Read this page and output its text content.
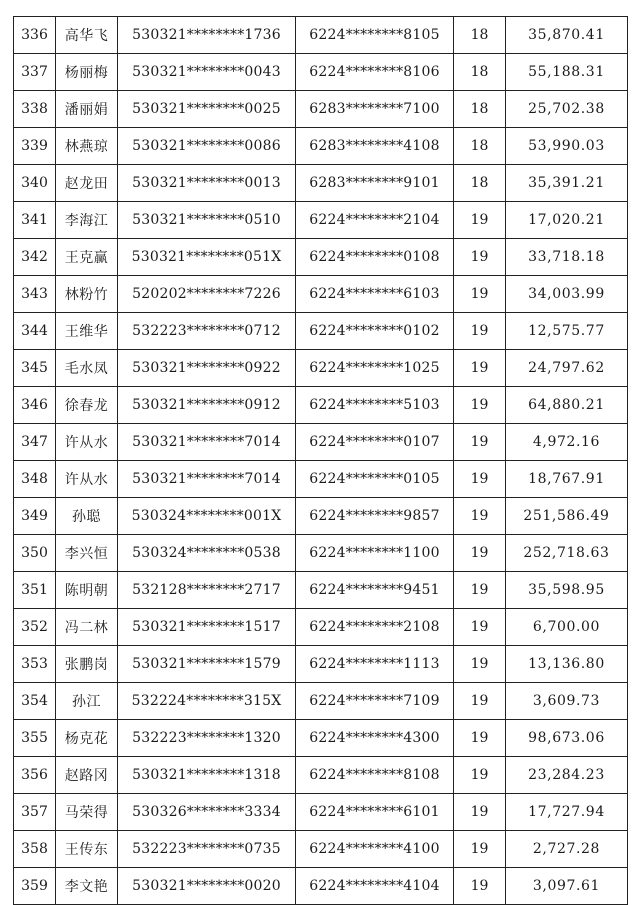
336	高华飞	530321********1736	6224********8105	18	35,870.41
337	杨丽梅	530321********0043	6224********8106	18	55,188.31
338	潘丽娟	530321********0025	6283********7100	18	25,702.38
339	林燕琼	530321********0086	6283********4108	18	53,990.03
340	赵龙田	530321********0013	6283********9101	18	35,391.21
341	李海江	530321********0510	6224********2104	19	17,020.21
342	王克赢	530321********051X	6224********0108	19	33,718.18
343	林粉竹	520202********7226	6224********6103	19	34,003.99
344	王维华	532223********0712	6224********0102	19	12,575.77
345	毛水凤	530321********0922	6224********1025	19	24,797.62
346	徐春龙	530321********0912	6224********5103	19	64,880.21
347	许从水	530321********7014	6224********0107	19	4,972.16
348	许从水	530321********7014	6224********0105	19	18,767.91
349	孙聪	530324********001X	6224********9857	19	251,586.49
350	李兴恒	530324********0538	6224********1100	19	252,718.63
351	陈明朝	532128********2717	6224********9451	19	35,598.95
352	冯二林	530321********1517	6224********2108	19	6,700.00
353	张鹏岗	530321********1579	6224********1113	19	13,136.80
354	孙江	532224********315X	6224********7109	19	3,609.73
355	杨克花	532223********1320	6224********4300	19	98,673.06
356	赵路冈	530321********1318	6224********8108	19	23,284.23
357	马荣得	530326********3334	6224********6101	19	17,727.94
358	王传东	532223********0735	6224********4100	19	2,727.28
359	李文艳	530321********0020	6224********4104	19	3,097.61
